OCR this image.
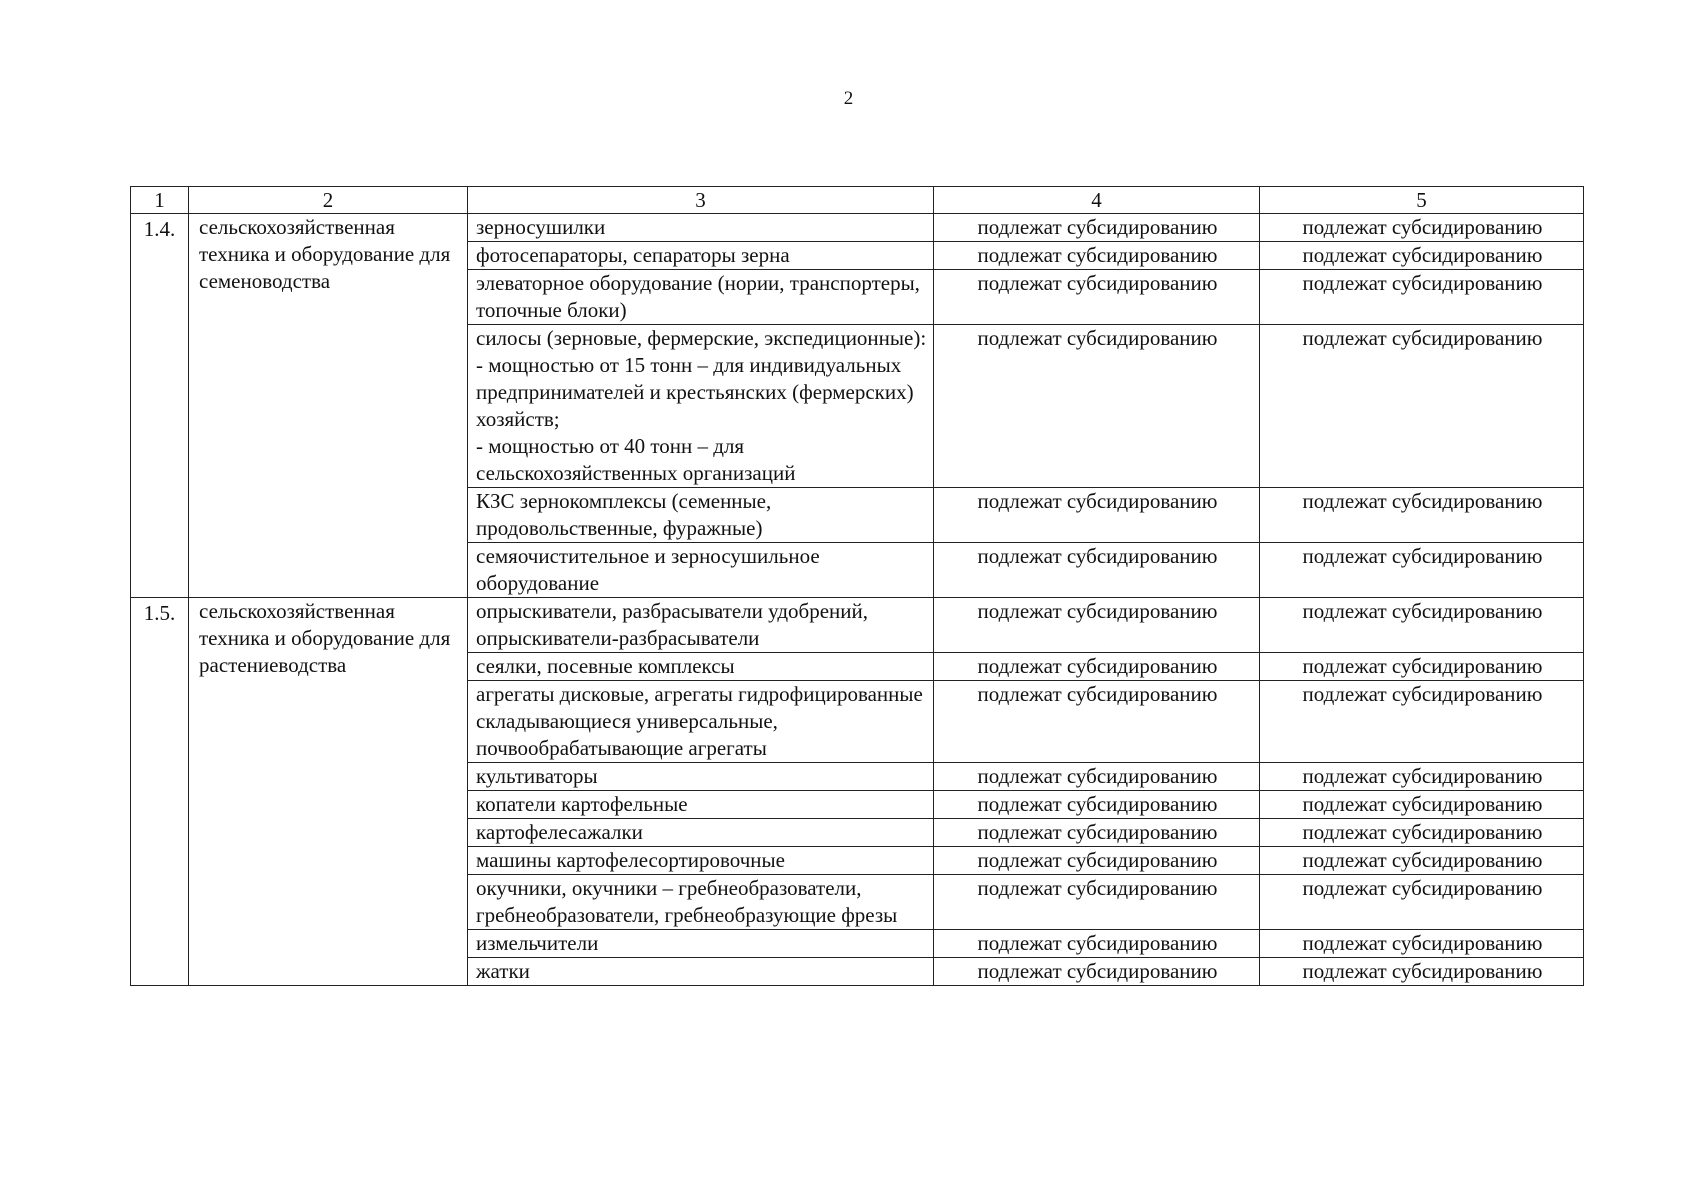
2
1	2	3	4	5
1.4.	сельскохозяйственная техника и оборудование для семеноводства	зерносушилки	подлежат субсидированию	подлежат субсидированию
		фотосепараторы, сепараторы зерна	подлежат субсидированию	подлежат субсидированию
		элеваторное оборудование (нории, транспортеры, топочные блоки)	подлежат субсидированию	подлежат субсидированию
		силосы (зерновые, фермерские, экспедиционные):
- мощностью от 15 тонн – для индивидуальных предпринимателей и крестьянских (фермерских) хозяйств;
- мощностью от 40 тонн – для сельскохозяйственных организаций	подлежат субсидированию	подлежат субсидированию
		КЗС зернокомплексы (семенные, продовольственные, фуражные)	подлежат субсидированию	подлежат субсидированию
		семяочистительное и зерносушильное оборудование	подлежат субсидированию	подлежат субсидированию
1.5.	сельскохозяйственная техника и оборудование для растениеводства	опрыскиватели, разбрасыватели удобрений, опрыскиватели-разбрасыватели	подлежат субсидированию	подлежат субсидированию
		сеялки, посевные комплексы	подлежат субсидированию	подлежат субсидированию
		агрегаты дисковые, агрегаты гидрофицированные складывающиеся универсальные, почвообрабатывающие агрегаты	подлежат субсидированию	подлежат субсидированию
		культиваторы	подлежат субсидированию	подлежат субсидированию
		копатели картофельные	подлежат субсидированию	подлежат субсидированию
		картофелесажалки	подлежат субсидированию	подлежат субсидированию
		машины картофелесортировочные	подлежат субсидированию	подлежат субсидированию
		окучники, окучники – гребнеобразователи, гребнеобразователи, гребнеобразующие фрезы	подлежат субсидированию	подлежат субсидированию
		измельчители	подлежат субсидированию	подлежат субсидированию
		жатки	подлежат субсидированию	подлежат субсидированию
